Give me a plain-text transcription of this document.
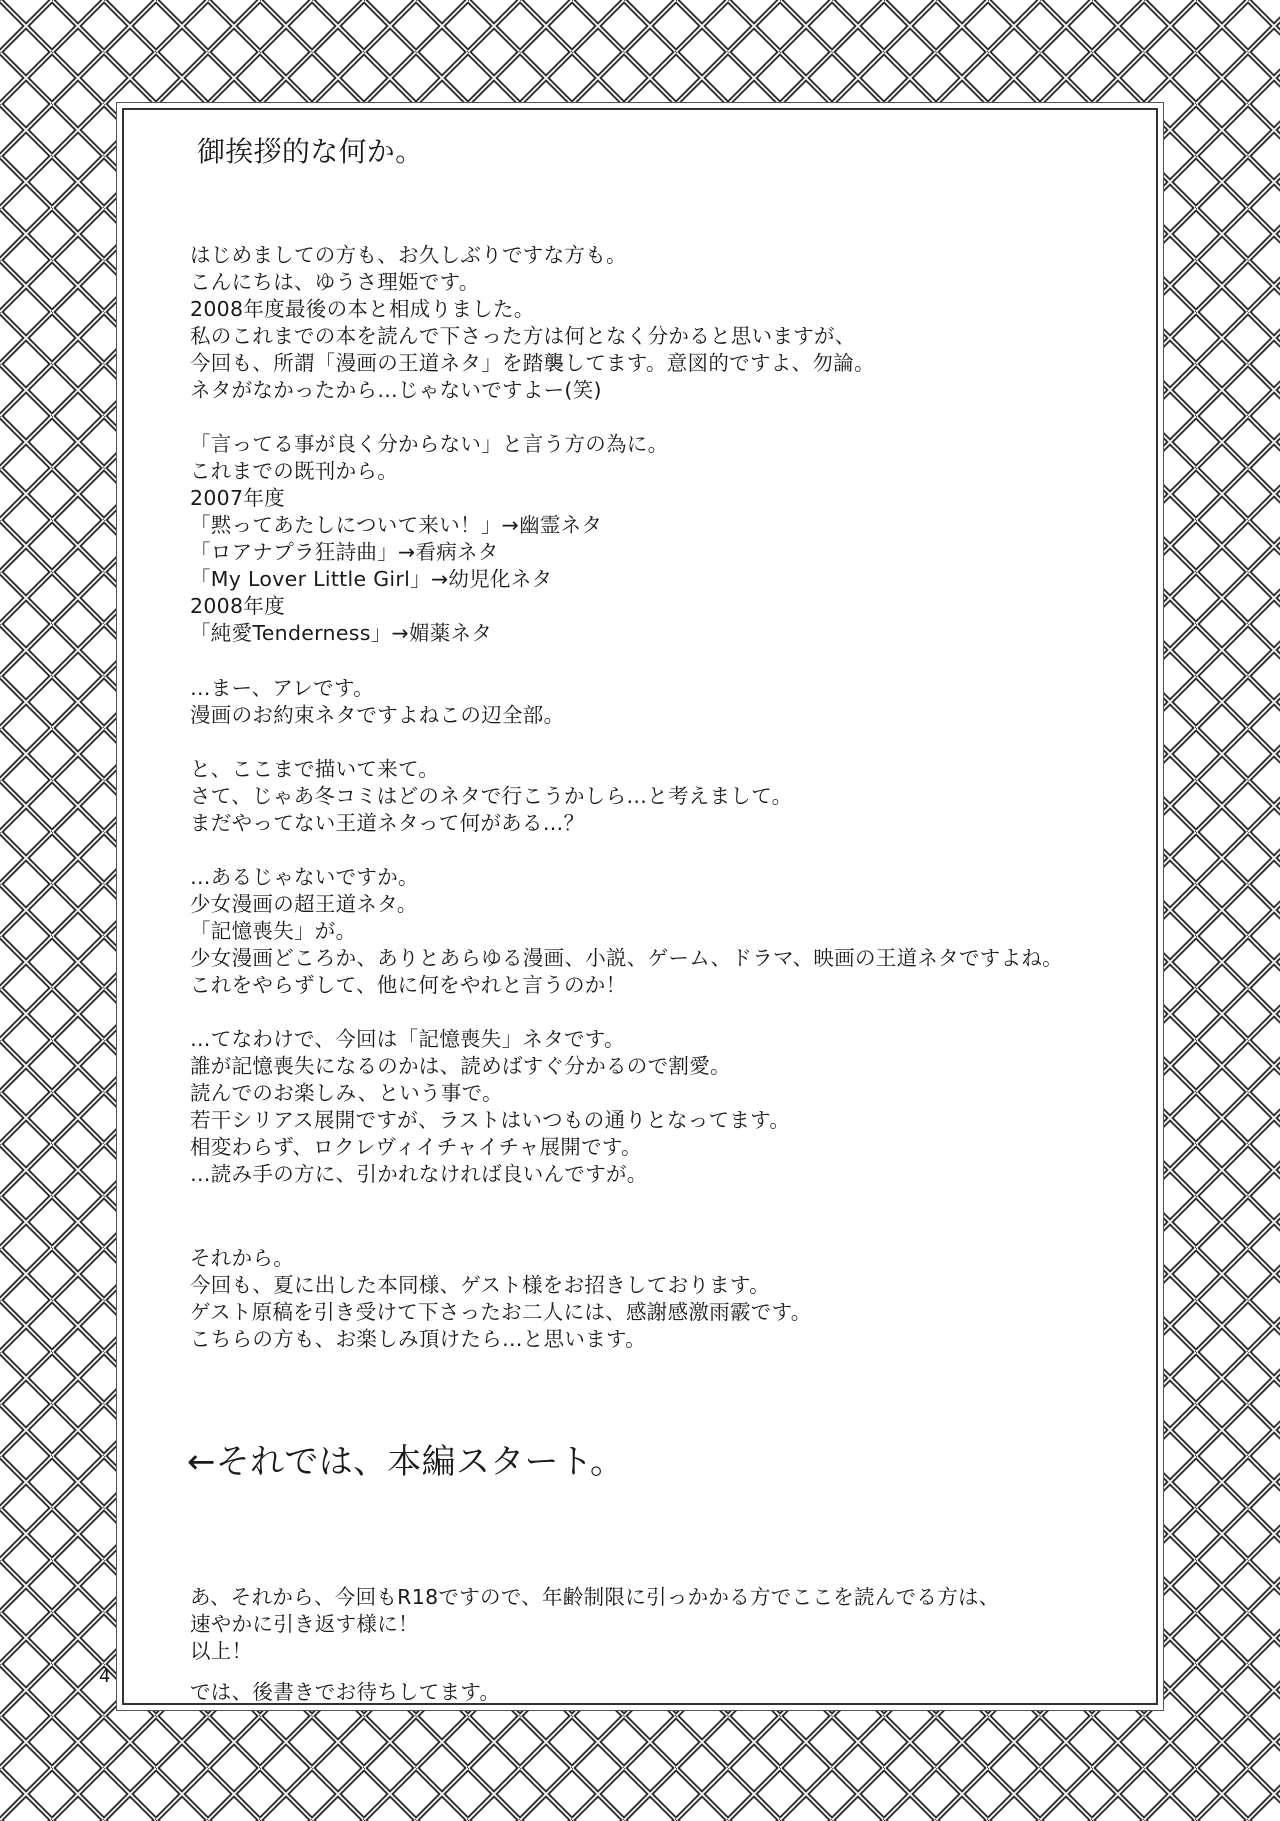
御挨拶的な何か。
はじめましての方も、お久しぶりですな方も。
こんにちは、ゆうさ理姫です。
2008年度最後の本と相成りました。
私のこれまでの本を読んで下さった方は何となく分かると思いますが、
今回も、所謂「漫画の王道ネタ」を踏襲してます。意図的ですよ、勿論。
ネタがなかったから…じゃないですよー(笑)
「言ってる事が良く分からない」と言う方の為に。
これまでの既刊から。
2007年度
「黙ってあたしについて来い！」→幽霊ネタ
「ロアナプラ狂詩曲」→看病ネタ
「My Lover Little Girl」→幼児化ネタ
2008年度
「純愛Tenderness」→媚薬ネタ
…まー、アレです。
漫画のお約束ネタですよねこの辺全部。
と、ここまで描いて来て。
さて、じゃあ冬コミはどのネタで行こうかしら…と考えまして。
まだやってない王道ネタって何がある…？
…あるじゃないですか。
少女漫画の超王道ネタ。
「記憶喪失」が。
少女漫画どころか、ありとあらゆる漫画、小説、ゲーム、ドラマ、映画の王道ネタですよね。
これをやらずして、他に何をやれと言うのか！
…てなわけで、今回は「記憶喪失」ネタです。
誰が記憶喪失になるのかは、読めばすぐ分かるので割愛。
読んでのお楽しみ、という事で。
若干シリアス展開ですが、ラストはいつもの通りとなってます。
相変わらず、ロクレヴィイチャイチャ展開です。
…読み手の方に、引かれなければ良いんですが。
それから。
今回も、夏に出した本同様、ゲスト様をお招きしております。
ゲスト原稿を引き受けて下さったお二人には、感謝感激雨霰です。
こちらの方も、お楽しみ頂けたら…と思います。
←それでは、本編スタート。
あ、それから、今回もR18ですので、年齢制限に引っかかる方でここを読んでる方は、
速やかに引き返す様に！
以上！
では、後書きでお待ちしてます。
4
